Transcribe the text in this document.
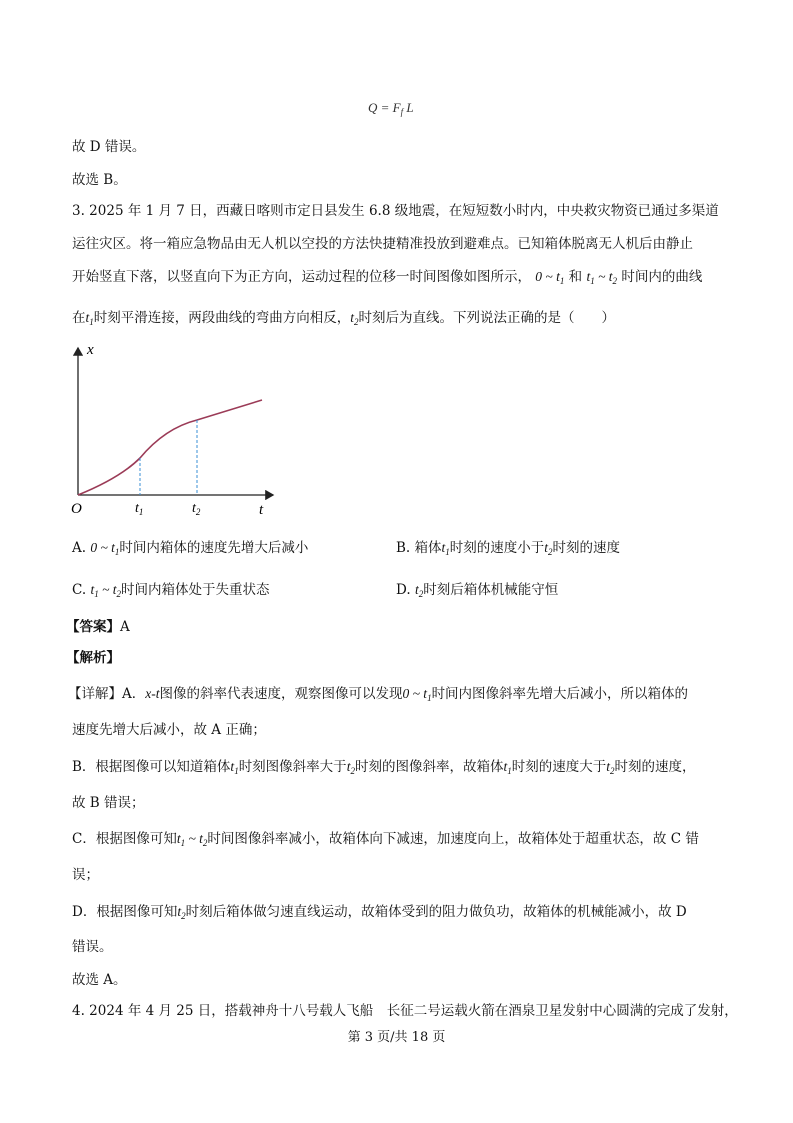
$Q = F_f$ L
故 D 错误。
故选 B。
3. 2025 年 1 月 7 日，西藏日喀则市定日县发生 6.8 级地震，在短短数小时内，中央救灾物资已通过多渠道
运往灾区。将一箱应急物品由无人机以空投的方法快捷精准投放到避难点。已知箱体脱离无人机后由静止
开始竖直下落，以竖直向下为正方向，运动过程的位移一时间图像如图所示， 0 ~ $t_1$ 和 $t_1$ ~ $t_2$ 时间内的曲线
在$t_1$时刻平滑连接，两段曲线的弯曲方向相反，$t_2$时刻后为直线。下列说法正确的是（　　）
x
t
O	$t_1$	$t_2$
A. 0 ~ $t_1$时间内箱体的速度先增大后减小	B. 箱体$t_1$时刻的速度小于$t_2$时刻的速度
C. $t_1$ ~ $t_2$时间内箱体处于失重状态	D. $t_2$时刻后箱体机械能守恒
【答案】A
【解析】
【详解】A．x-t图像的斜率代表速度，观察图像可以发现0 ~ $t_1$时间内图像斜率先增大后减小，所以箱体的
速度先增大后减小，故 A 正确；
B．根据图像可以知道箱体$t_1$时刻图像斜率大于$t_2$时刻的图像斜率，故箱体$t_1$时刻的速度大于$t_2$时刻的速度，
故 B 错误；
C．根据图像可知$t_1$ ~ $t_2$时间图像斜率减小，故箱体向下减速，加速度向上，故箱体处于超重状态，故 C 错
误；
D．根据图像可知$t_2$时刻后箱体做匀速直线运动，故箱体受到的阻力做负功，故箱体的机械能减小，故 D
错误。
故选 A。
4. 2024 年 4 月 25 日，搭载神舟十八号载人飞船　长征二号运载火箭在酒泉卫星发射中心圆满的完成了发射，
第 3 页/共 18 页
